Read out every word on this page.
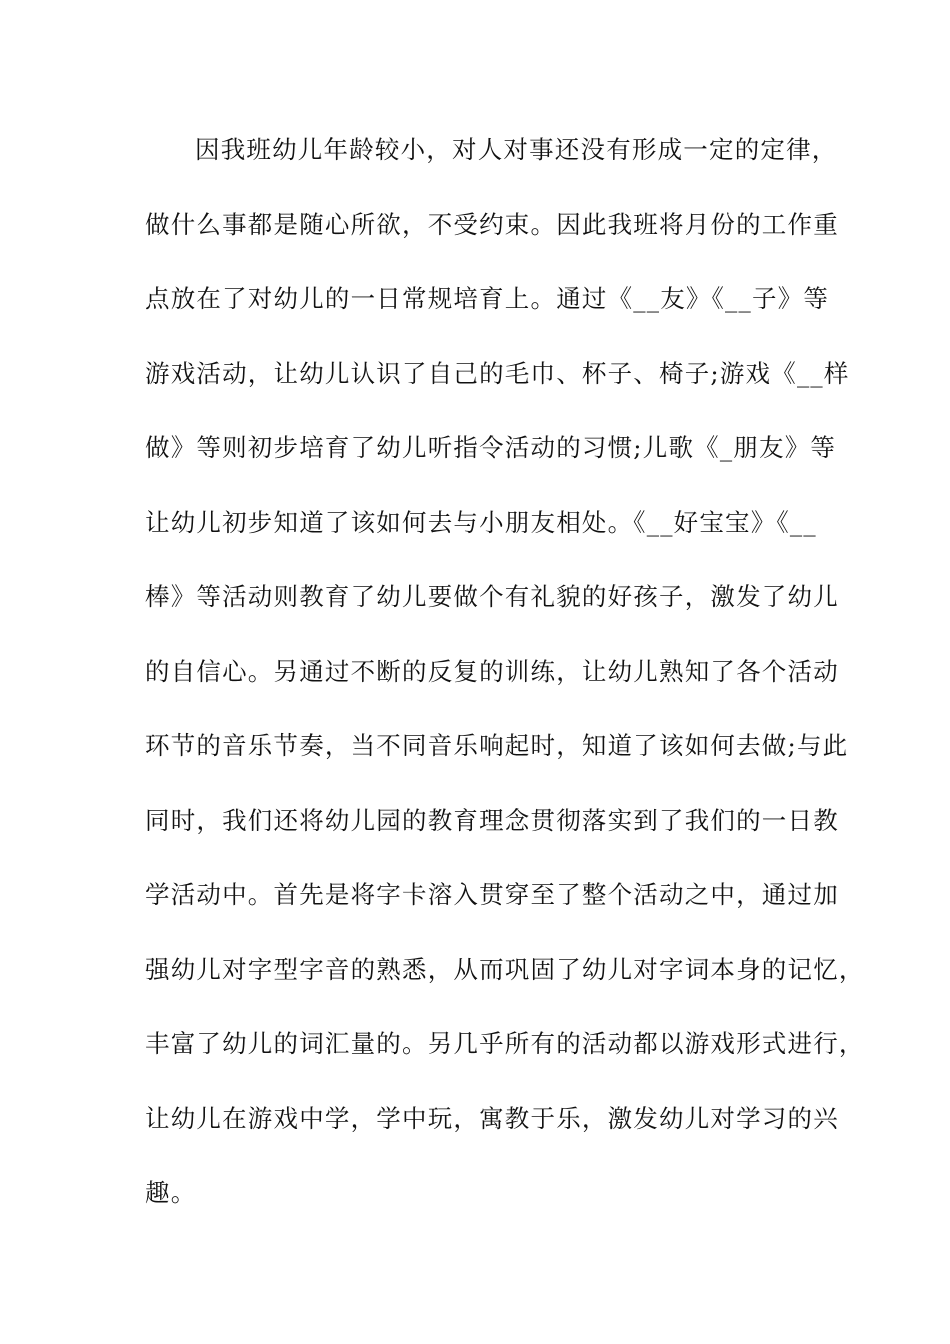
因我班幼儿年龄较小，对人对事还没有形成一定的定律，
做什么事都是随心所欲，不受约束。因此我班将月份的工作重
点放在了对幼儿的一日常规培育上。通过《__友》《__子》等
游戏活动，让幼儿认识了自己的毛巾、杯子、椅子;游戏《__样
做》等则初步培育了幼儿听指令活动的习惯;儿歌《_朋友》等
让幼儿初步知道了该如何去与小朋友相处。《__好宝宝》《__
棒》等活动则教育了幼儿要做个有礼貌的好孩子，激发了幼儿
的自信心。另通过不断的反复的训练，让幼儿熟知了各个活动
环节的音乐节奏，当不同音乐响起时，知道了该如何去做;与此
同时，我们还将幼儿园的教育理念贯彻落实到了我们的一日教
学活动中。首先是将字卡溶入贯穿至了整个活动之中，通过加
强幼儿对字型字音的熟悉，从而巩固了幼儿对字词本身的记忆，
丰富了幼儿的词汇量的。另几乎所有的活动都以游戏形式进行，
让幼儿在游戏中学，学中玩，寓教于乐，激发幼儿对学习的兴
趣。
